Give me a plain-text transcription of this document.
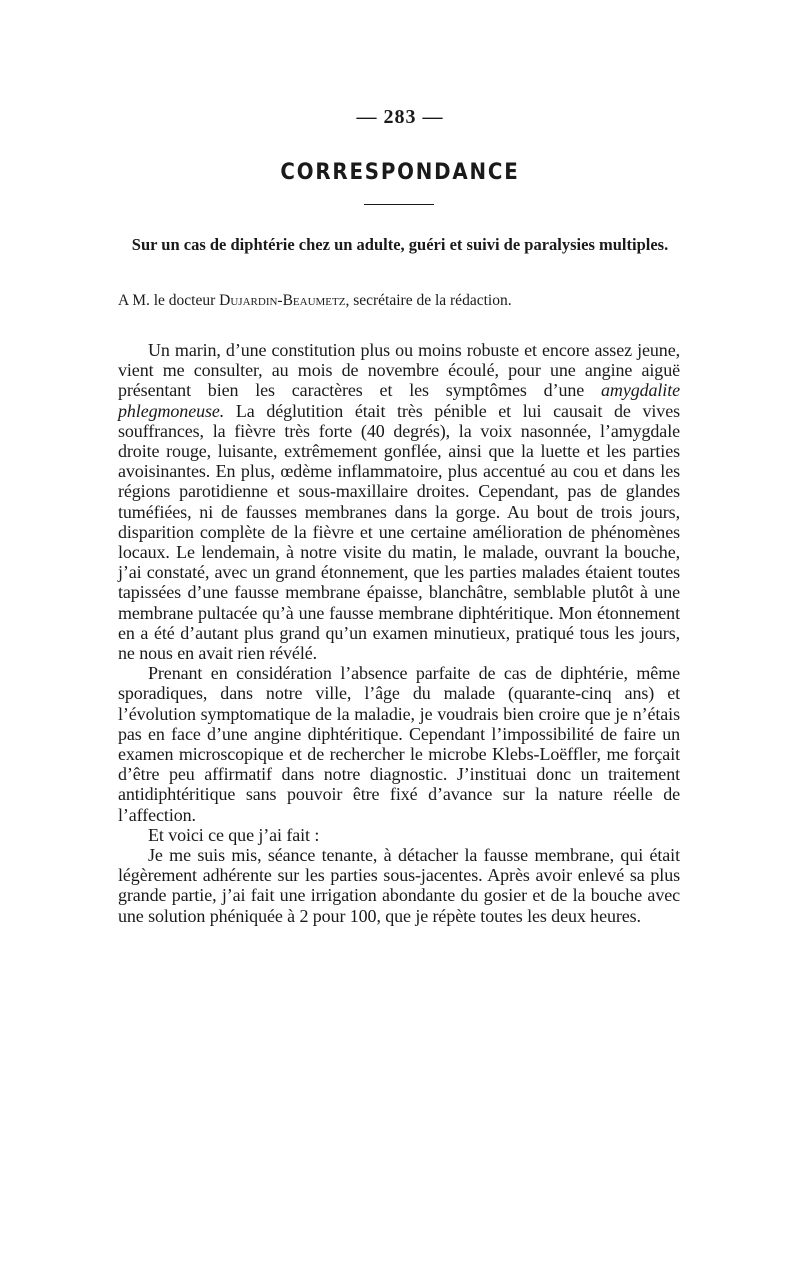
— 283 —
CORRESPONDANCE
Sur un cas de diphtérie chez un adulte, guéri et suivi de paralysies multiples.
A M. le docteur Dujardin-Beaumetz, secrétaire de la rédaction.

Un marin, d’une constitution plus ou moins robuste et encore assez jeune, vient me consulter, au mois de novembre écoulé, pour une angine aiguë présentant bien les caractères et les symptômes d’une amygdalite phlegmoneuse. La déglutition était très pénible et lui causait de vives souffrances, la fièvre très forte (40 degrés), la voix nasonnée, l’amygdale droite rouge, luisante, extrêmement gonflée, ainsi que la luette et les parties avoisinantes. En plus, œdème inflammatoire, plus accentué au cou et dans les régions parotidienne et sous-maxillaire droites. Cependant, pas de glandes tuméfiées, ni de fausses membranes dans la gorge. Au bout de trois jours, disparition complète de la fièvre et une certaine amélioration de phénomènes locaux. Le lendemain, à notre visite du matin, le malade, ouvrant la bouche, j’ai constaté, avec un grand étonnement, que les parties malades étaient toutes tapissées d’une fausse membrane épaisse, blanchâtre, semblable plutôt à une membrane pultacée qu’à une fausse membrane diphtéritique. Mon étonnement en a été d’autant plus grand qu’un examen minutieux, pratiqué tous les jours, ne nous en avait rien révélé.

Prenant en considération l’absence parfaite de cas de diphtérie, même sporadiques, dans notre ville, l’âge du malade (quarante-cinq ans) et l’évolution symptomatique de la maladie, je voudrais bien croire que je n’étais pas en face d’une angine diphtéritique. Cependant l’impossibilité de faire un examen microscopique et de rechercher le microbe Klebs-Loëffler, me forçait d’être peu affirmatif dans notre diagnostic. J’instituai donc un traitement antidiphtéritique sans pouvoir être fixé d’avance sur la nature réelle de l’affection.

Et voici ce que j’ai fait :

Je me suis mis, séance tenante, à détacher la fausse membrane, qui était légèrement adhérente sur les parties sous-jacentes. Après avoir enlevé sa plus grande partie, j’ai fait une irrigation abondante du gosier et de la bouche avec une solution phéniquée à 2 pour 100, que je répète toutes les deux heures.
